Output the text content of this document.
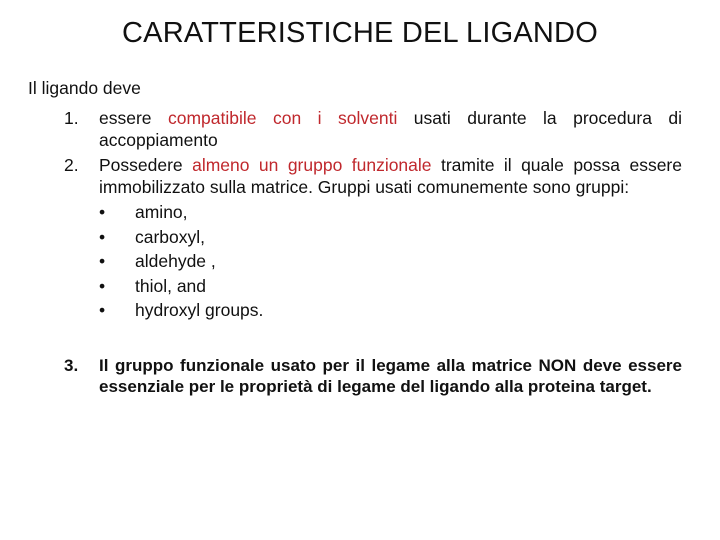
CARATTERISTICHE DEL LIGANDO

Il ligando deve

1. essere compatibile con i solventi usati durante la procedura di accoppiamento
2. Possedere almeno un gruppo funzionale tramite il quale possa essere immobilizzato sulla matrice. Gruppi usati comunemente sono gruppi:
• amino,
• carboxyl,
• aldehyde ,
• thiol, and
• hydroxyl groups.
3. Il gruppo funzionale usato per il legame alla matrice NON deve essere essenziale per le proprietà di legame del ligando alla proteina target.
